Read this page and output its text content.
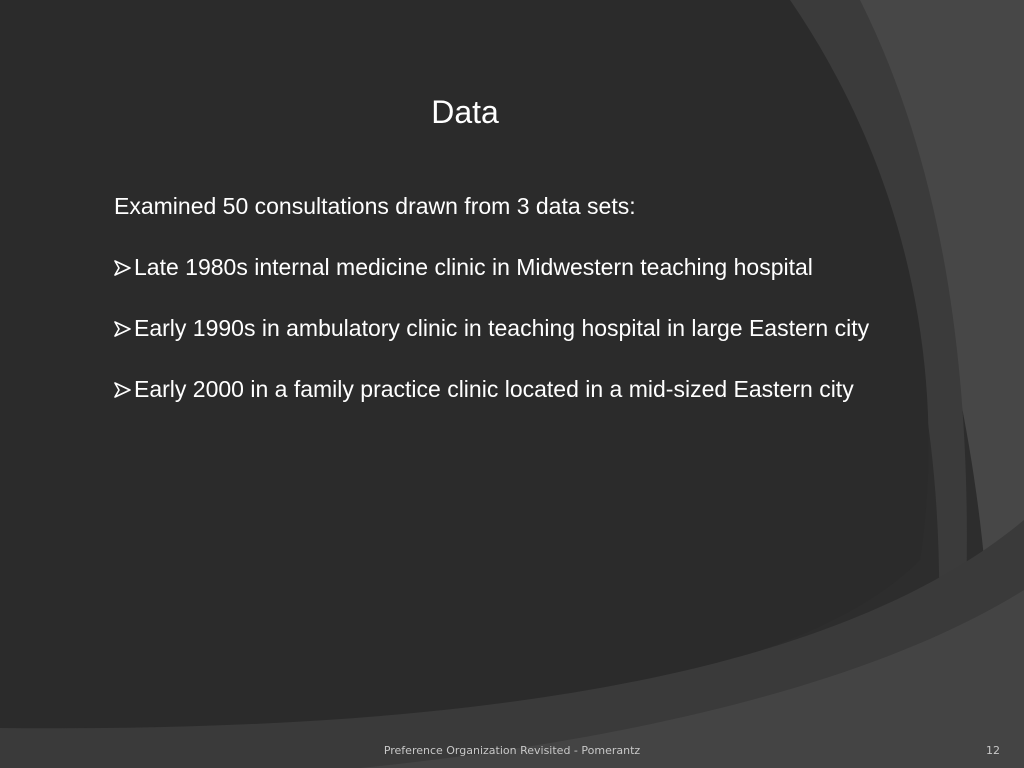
Data

Examined 50 consultations drawn from 3 data sets:

Late 1980s internal medicine clinic in Midwestern teaching hospital
Early 1990s in ambulatory clinic in teaching hospital in large Eastern city
Early 2000 in a family practice clinic located in a mid-sized Eastern city
Preference Organization Revisited - Pomerantz	12
